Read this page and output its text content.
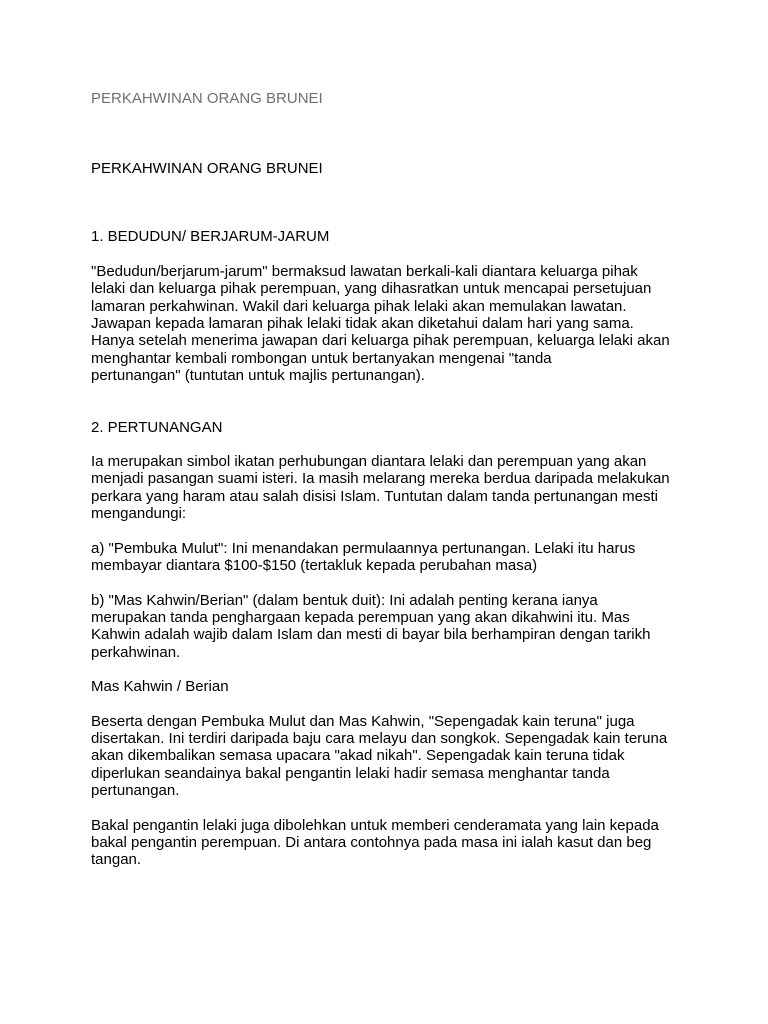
PERKAHWINAN ORANG BRUNEI

PERKAHWINAN ORANG BRUNEI

1. BEDUDUN/ BERJARUM-JARUM

"Bedudun/berjarum-jarum" bermaksud lawatan berkali-kali diantara keluarga pihak
lelaki dan keluarga pihak perempuan, yang dihasratkan untuk mencapai persetujuan
lamaran perkahwinan. Wakil dari keluarga pihak lelaki akan memulakan lawatan.
Jawapan kepada lamaran pihak lelaki tidak akan diketahui dalam hari yang sama.
Hanya setelah menerima jawapan dari keluarga pihak perempuan, keluarga lelaki akan
menghantar kembali rombongan untuk bertanyakan mengenai "tanda
pertunangan" (tuntutan untuk majlis pertunangan).

2. PERTUNANGAN

Ia merupakan simbol ikatan perhubungan diantara lelaki dan perempuan yang akan
menjadi pasangan suami isteri. Ia masih melarang mereka berdua daripada melakukan
perkara yang haram atau salah disisi Islam. Tuntutan dalam tanda pertunangan mesti
mengandungi:

a) "Pembuka Mulut": Ini menandakan permulaannya pertunangan. Lelaki itu harus
membayar diantara $100-$150 (tertakluk kepada perubahan masa)

b) "Mas Kahwin/Berian" (dalam bentuk duit): Ini adalah penting kerana ianya
merupakan tanda penghargaan kepada perempuan yang akan dikahwini itu. Mas
Kahwin adalah wajib dalam Islam dan mesti di bayar bila berhampiran dengan tarikh
perkahwinan.

Mas Kahwin / Berian

Beserta dengan Pembuka Mulut dan Mas Kahwin, "Sepengadak kain teruna" juga
disertakan. Ini terdiri daripada baju cara melayu dan songkok. Sepengadak kain teruna
akan dikembalikan semasa upacara "akad nikah". Sepengadak kain teruna tidak
diperlukan seandainya bakal pengantin lelaki hadir semasa menghantar tanda
pertunangan.

Bakal pengantin lelaki juga dibolehkan untuk memberi cenderamata yang lain kepada
bakal pengantin perempuan. Di antara contohnya pada masa ini ialah kasut dan beg
tangan.
